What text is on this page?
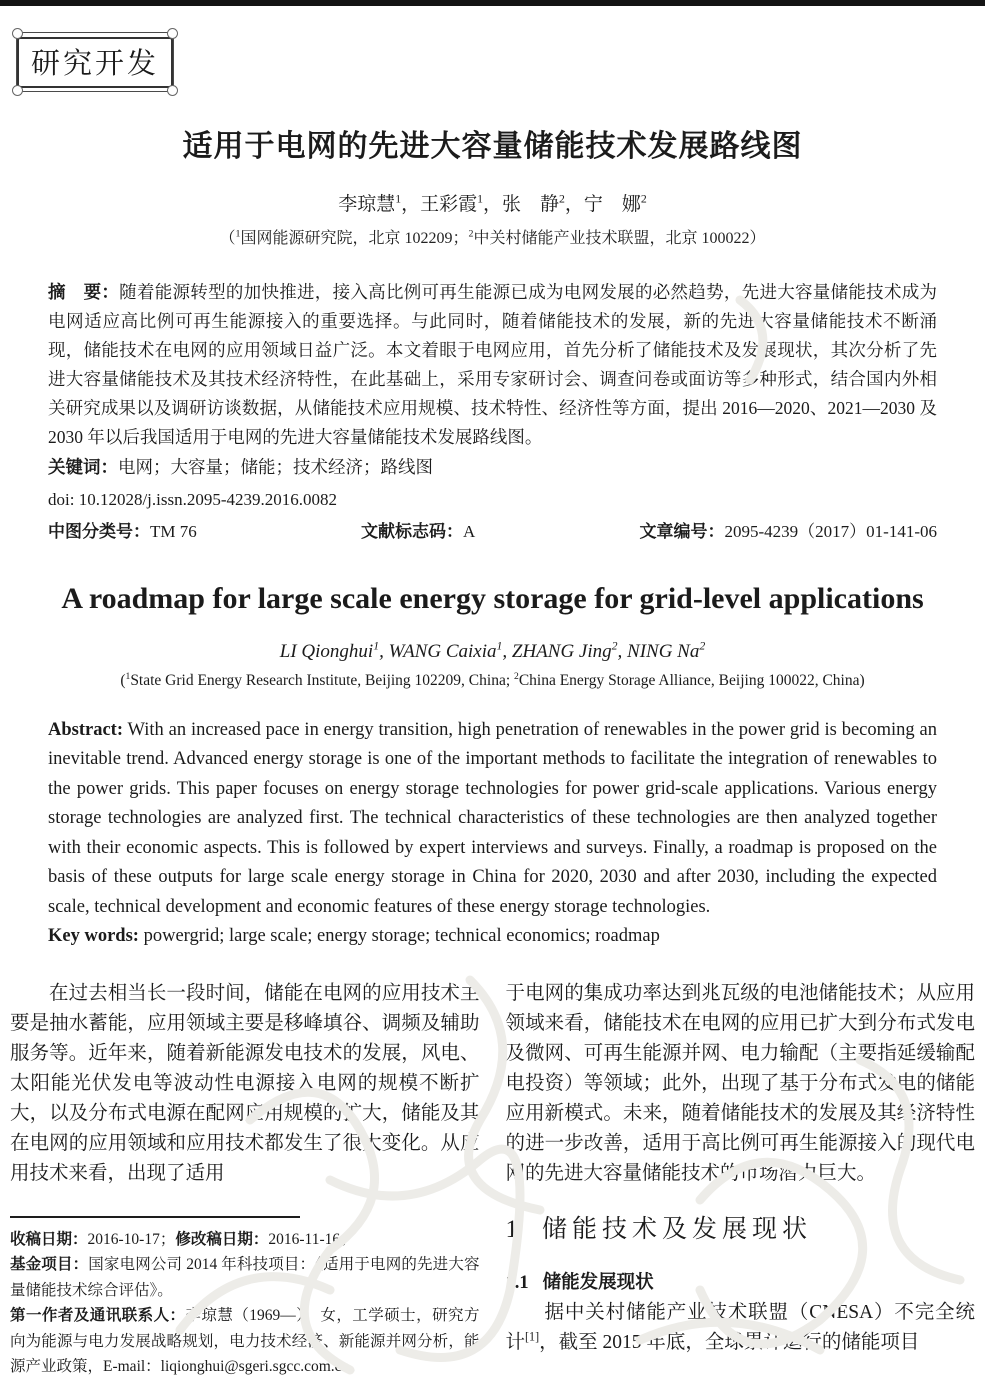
研究开发
适用于电网的先进大容量储能技术发展路线图
李琼慧$^1$，王彩霞$^1$，张　静$^2$，宁　娜$^2$
（$^1$国网能源研究院，北京 102209；$^2$中关村储能产业技术联盟，北京 100022）

摘　要：随着能源转型的加快推进，接入高比例可再生能源已成为电网发展的必然趋势，先进大容量储能技术成为电网适应高比例可再生能源接入的重要选择。与此同时，随着储能技术的发展，新的先进大容量储能技术不断涌现，储能技术在电网的应用领域日益广泛。本文着眼于电网应用，首先分析了储能技术及发展现状，其次分析了先进大容量储能技术及其技术经济特性，在此基础上，采用专家研讨会、调查问卷或面访等多种形式，结合国内外相关研究成果以及调研访谈数据，从储能技术应用规模、技术特性、经济性等方面，提出 2016—2020、2021—2030 及 2030 年以后我国适用于电网的先进大容量储能技术发展路线图。

关键词：电网；大容量；储能；技术经济；路线图

doi: 10.12028/j.issn.2095-4239.2016.0082

中图分类号：TM 76	文献标志码：A	文章编号：2095-4239（2017）01-141-06
A roadmap for large scale energy storage for grid-level applications
LI Qionghui$^1$, WANG Caixia$^1$, ZHANG Jing$^2$, NING Na$^2$
($^1$State Grid Energy Research Institute, Beijing 102209, China; $^2$China Energy Storage Alliance, Beijing 100022, China)

Abstract: With an increased pace in energy transition, high penetration of renewables in the power grid is becoming an inevitable trend. Advanced energy storage is one of the important methods to facilitate the integration of renewables to the power grids. This paper focuses on energy storage technologies for power grid-scale applications. Various energy storage technologies are analyzed first. The technical characteristics of these technologies are then analyzed together with their economic aspects. This is followed by expert interviews and surveys. Finally, a roadmap is proposed on the basis of these outputs for large scale energy storage in China for 2020, 2030 and after 2030, including the expected scale, technical development and economic features of these energy storage technologies.

Key words: powergrid; large scale; energy storage; technical economics; roadmap

在过去相当长一段时间，储能在电网的应用技术主要是抽水蓄能，应用领域主要是移峰填谷、调频及辅助服务等。近年来，随着新能源发电技术的发展，风电、太阳能光伏发电等波动性电源接入电网的规模不断扩大，以及分布式电源在配网应用规模的扩大，储能及其在电网的应用领域和应用技术都发生了很大变化。从应用技术来看，出现了适用

收稿日期：2016-10-17；修改稿日期：2016-11-16。

基金项目：国家电网公司 2014 年科技项目：《适用于电网的先进大容量储能技术综合评估》。

第一作者及通讯联系人：李琼慧（1969—），女，工学硕士，研究方向为能源与电力发展战略规划，电力技术经济、新能源并网分析，能源产业政策，E-mail：liqionghui@sgeri.sgcc.com.cn。

于电网的集成功率达到兆瓦级的电池储能技术；从应用领域来看，储能技术在电网的应用已扩大到分布式发电及微网、可再生能源并网、电力输配（主要指延缓输配电投资）等领域；此外，出现了基于分布式发电的储能应用新模式。未来，随着储能技术的发展及其经济特性的进一步改善，适用于高比例可再生能源接入的现代电网的先进大容量储能技术的市场潜力巨大。

1 储能技术及发展现状
1.1 储能发展现状

据中关村储能产业技术联盟（CNESA）不完全统计[1]，截至 2015 年底，全球累计运行的储能项目
